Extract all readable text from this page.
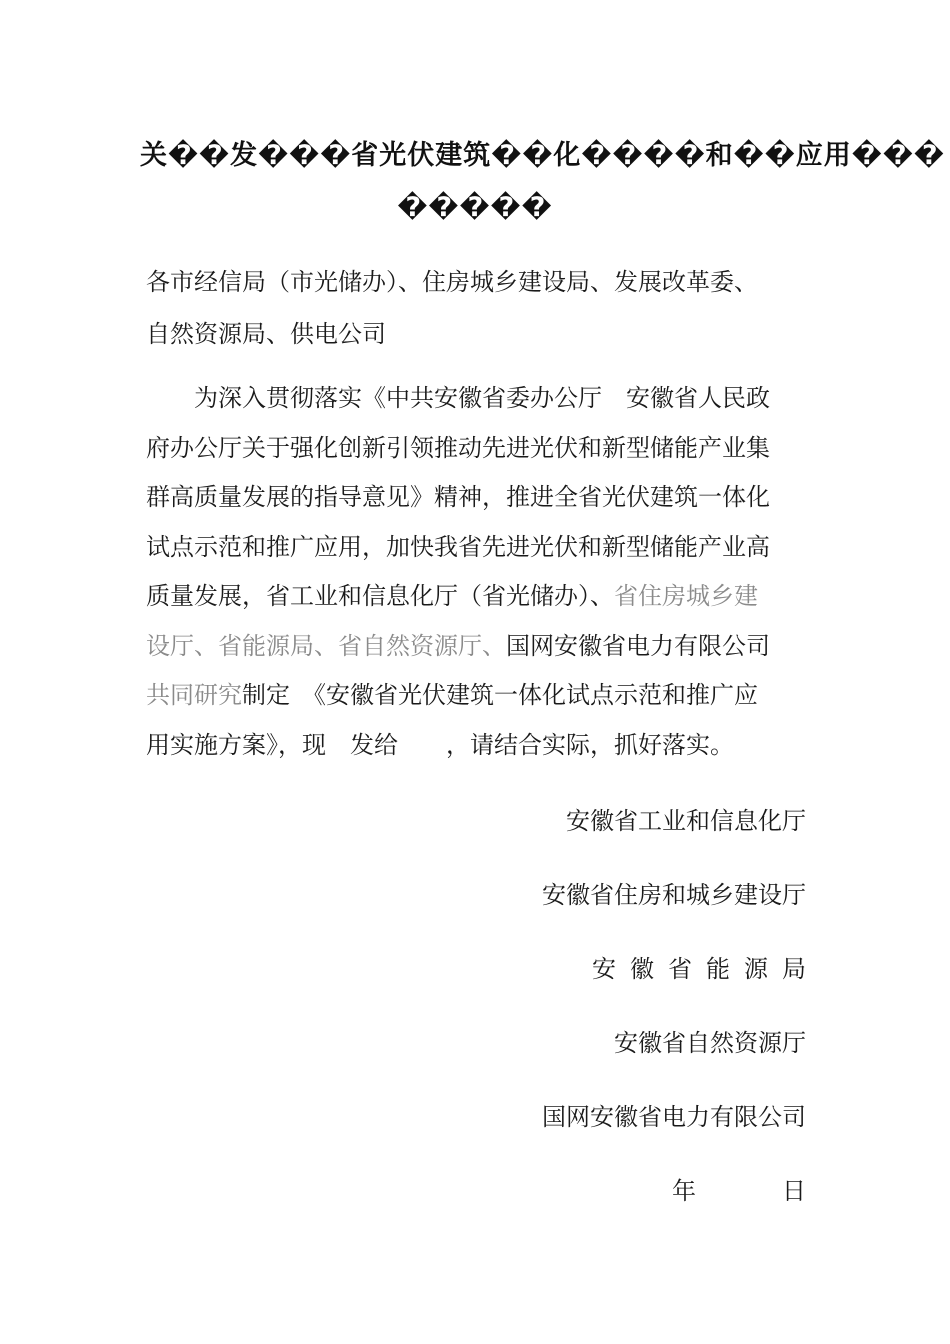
关��发���省光伏建筑��化����和��应用���
�����
各市经信局（市光储办）、住房城乡建设局、发展改革委、
自然资源局、供电公司
为深入贯彻落实《中共安徽省委办公厅　安徽省人民政
府办公厅关于强化创新引领推动先进光伏和新型储能产业集
群高质量发展的指导意见》精神，推进全省光伏建筑一体化
试点示范和推广应用，加快我省先进光伏和新型储能产业高
质量发展，省工业和信息化厅（省光储办）、省住房城乡建
设厅、省能源局、省自然资源厅、国网安徽省电力有限公司
共同研究制定　《安徽省光伏建筑一体化试点示范和推广应
用实施方案》，现　发给　　，请结合实际，抓好落实。
安徽省工业和信息化厅
安徽省住房和城乡建设厅
安徽省能源局
安徽省自然资源厅
国网安徽省电力有限公司
年	日
